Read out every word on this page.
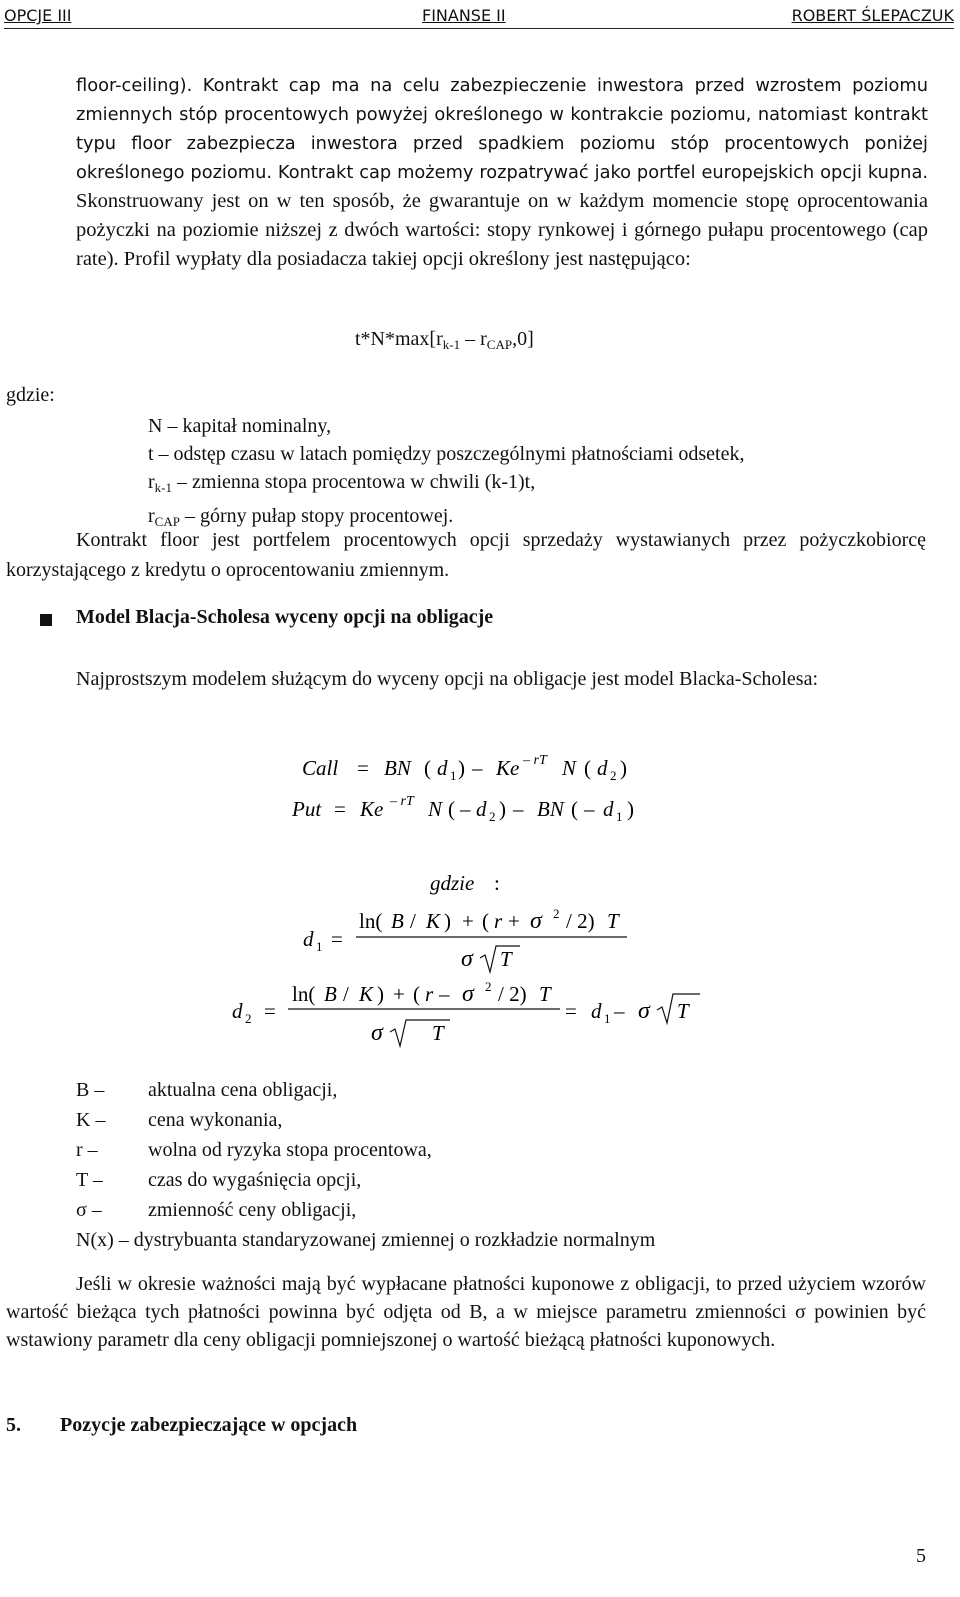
OPCJE III	FINANSE II	ROBERT ŚLEPACZUK
floor-ceiling). Kontrakt cap ma na celu zabezpieczenie inwestora przed wzrostem poziomu zmiennych stóp procentowych powyżej określonego w kontrakcie poziomu, natomiast kontrakt typu floor zabezpiecza inwestora przed spadkiem poziomu stóp procentowych poniżej określonego poziomu. Kontrakt cap możemy rozpatrywać jako portfel europejskich opcji kupna. Skonstruowany jest on w ten sposób, że gwarantuje on w każdym momencie stopę oprocentowania pożyczki na poziomie niższej z dwóch wartości: stopy rynkowej i górnego pułapu procentowego (cap rate). Profil wypłaty dla posiadacza takiej opcji określony jest następująco:
$t*N*\max[r_{k-1} - r_{CAP},0]$
gdzie:
N – kapitał nominalny,
t – odstęp czasu w latach pomiędzy poszczególnymi płatnościami odsetek,
$r_{k-1}$ – zmienna stopa procentowa w chwili (k-1)t,
$r_{CAP}$ – górny pułap stopy procentowej.
Kontrakt floor jest portfelem procentowych opcji sprzedaży wystawianych przez pożyczkobiorcę korzystającego z kredytu o oprocentowaniu zmiennym.
Model Blacja-Scholesa wyceny opcji na obligacje
Najprostszym modelem służącym do wyceny opcji na obligacje jest model Blacka-Scholesa:
Call = BN ( d 1 ) – Ke – rT N ( d 2 )
Put = Ke – rT N ( – d 2 ) – BN ( – d 1 )
gdzie :
d 1 =
ln( B / K ) + ( r + σ 2 / 2) T
σ T
d 2 =
ln( B / K ) + ( r – σ 2 / 2) T
σ T
= d 1 – σ T
B – aktualna cena obligacji,
K – cena wykonania,
r –	wolna od ryzyka stopa procentowa,
T – czas do wygaśnięcia opcji,
σ – zmienność ceny obligacji,
N(x) – dystrybuanta standaryzowanej zmiennej o rozkładzie normalnym
Jeśli w okresie ważności mają być wypłacane płatności kuponowe z obligacji, to przed użyciem wzorów wartość bieżąca tych płatności powinna być odjęta od B, a w miejsce parametru zmienności σ powinien być wstawiony parametr dla ceny obligacji pomniejszonej o wartość bieżącą płatności kuponowych.
5. Pozycje zabezpieczające w opcjach
5
